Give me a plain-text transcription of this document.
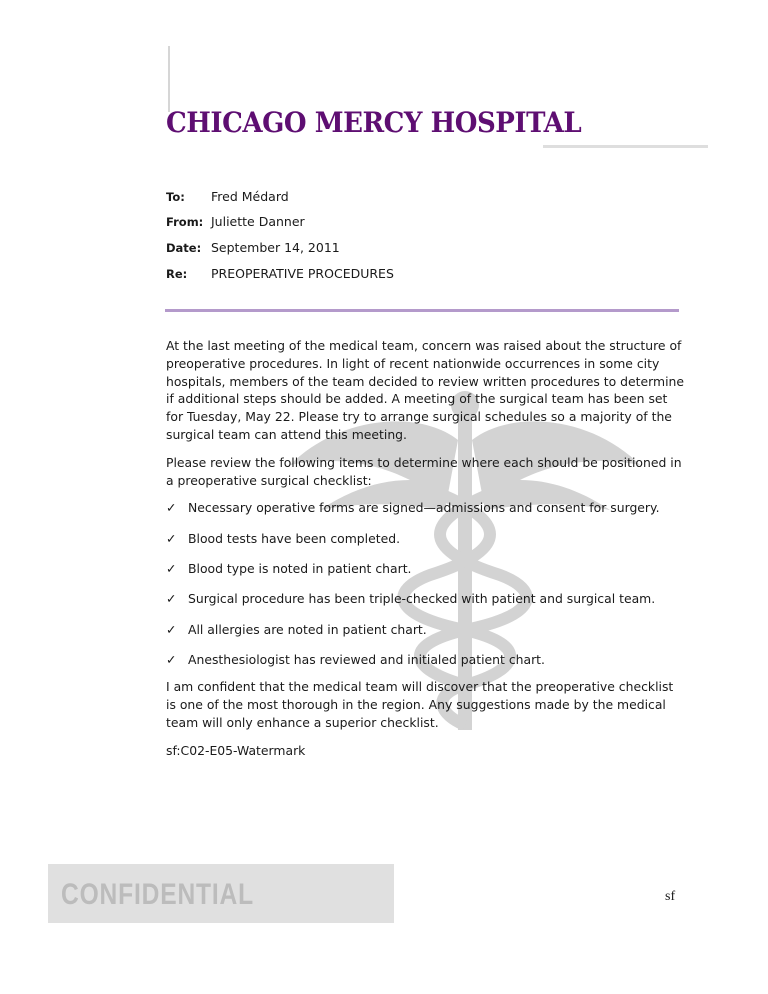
CHICAGO MERCY HOSPITAL
To: Fred Médard
From: Juliette Danner
Date: September 14, 2011
Re: PREOPERATIVE PROCEDURES

At the last meeting of the medical team, concern was raised about the structure of preoperative procedures. In light of recent nationwide occurrences in some city hospitals, members of the team decided to review written procedures to determine if additional steps should be added. A meeting of the surgical team has been set for Tuesday, May 22. Please try to arrange surgical schedules so a majority of the surgical team can attend this meeting.

Please review the following items to determine where each should be positioned in a preoperative surgical checklist:

✓ Necessary operative forms are signed—admissions and consent for surgery.
✓ Blood tests have been completed.
✓ Blood type is noted in patient chart.
✓ Surgical procedure has been triple-checked with patient and surgical team.
✓ All allergies are noted in patient chart.
✓ Anesthesiologist has reviewed and initialed patient chart.

I am confident that the medical team will discover that the preoperative checklist is one of the most thorough in the region. Any suggestions made by the medical team will only enhance a superior checklist.

sf:C02-E05-Watermark

CONFIDENTIAL	sf
